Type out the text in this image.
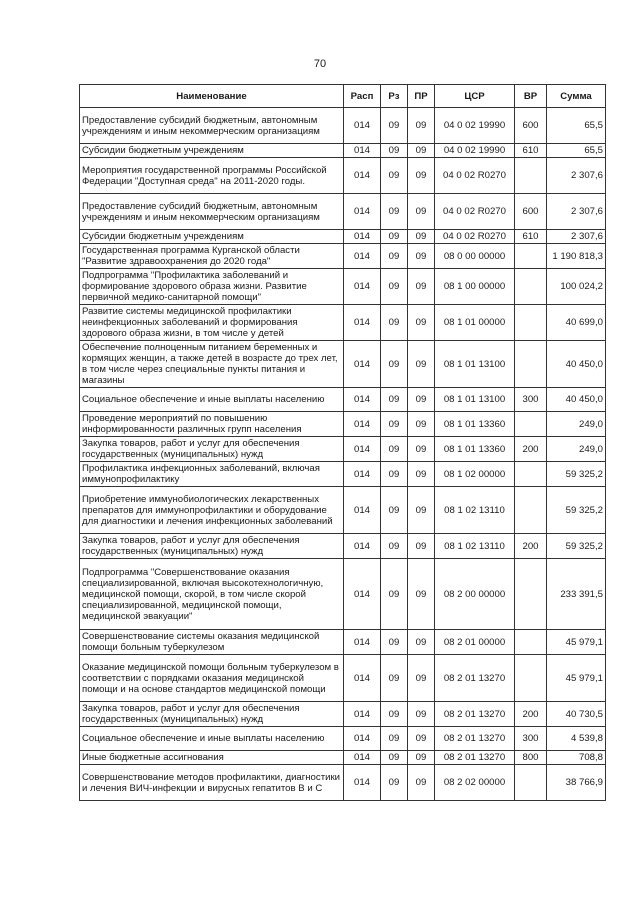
70
Наименование	Расп	Рз	ПР	ЦСР	ВР	Сумма
Предоставление субсидий бюджетным, автономным учреждениям и иным некоммерческим организациям	014	09	09	04 0 02 19990	600	65,5
Субсидии бюджетным учреждениям	014	09	09	04 0 02 19990	610	65,5
Мероприятия государственной программы Российской Федерации "Доступная среда" на 2011-2020 годы.	014	09	09	04 0 02 R0270		2 307,6
Предоставление субсидий бюджетным, автономным учреждениям и иным некоммерческим организациям	014	09	09	04 0 02 R0270	600	2 307,6
Субсидии бюджетным учреждениям	014	09	09	04 0 02 R0270	610	2 307,6
Государственная программа Курганской области "Развитие здравоохранения до 2020 года"	014	09	09	08 0 00 00000		1 190 818,3
Подпрограмма "Профилактика заболеваний и формирование здорового образа жизни. Развитие первичной медико-санитарной помощи"	014	09	09	08 1 00 00000		100 024,2
Развитие системы медицинской профилактики неинфекционных заболеваний и формирования здорового образа жизни, в том числе у детей	014	09	09	08 1 01 00000		40 699,0
Обеспечение полноценным питанием беременных и кормящих женщин, а также детей в возрасте до трех лет, в том числе через специальные пункты питания и магазины	014	09	09	08 1 01 13100		40 450,0
Социальное обеспечение и иные выплаты населению	014	09	09	08 1 01 13100	300	40 450,0
Проведение мероприятий по повышению информированности различных групп населения	014	09	09	08 1 01 13360		249,0
Закупка товаров, работ и услуг для обеспечения государственных (муниципальных) нужд	014	09	09	08 1 01 13360	200	249,0
Профилактика инфекционных заболеваний, включая иммунопрофилактику	014	09	09	08 1 02 00000		59 325,2
Приобретение иммунобиологических лекарственных препаратов для иммунопрофилактики и оборудование для диагностики и лечения инфекционных заболеваний	014	09	09	08 1 02 13110		59 325,2
Закупка товаров, работ и услуг для обеспечения государственных (муниципальных) нужд	014	09	09	08 1 02 13110	200	59 325,2
Подпрограмма "Совершенствование оказания специализированной, включая высокотехнологичную, медицинской помощи, скорой, в том числе скорой специализированной, медицинской помощи, медицинской эвакуации"	014	09	09	08 2 00 00000		233 391,5
Совершенствование системы оказания медицинской помощи больным туберкулезом	014	09	09	08 2 01 00000		45 979,1
Оказание медицинской помощи больным туберкулезом в соответствии с порядками оказания медицинской помощи и на основе стандартов медицинской помощи	014	09	09	08 2 01 13270		45 979,1
Закупка товаров, работ и услуг для обеспечения государственных (муниципальных) нужд	014	09	09	08 2 01 13270	200	40 730,5
Социальное обеспечение и иные выплаты населению	014	09	09	08 2 01 13270	300	4 539,8
Иные бюджетные ассигнования	014	09	09	08 2 01 13270	800	708,8
Совершенствование методов профилактики, диагностики и лечения ВИЧ-инфекции и вирусных гепатитов В и С	014	09	09	08 2 02 00000		38 766,9
